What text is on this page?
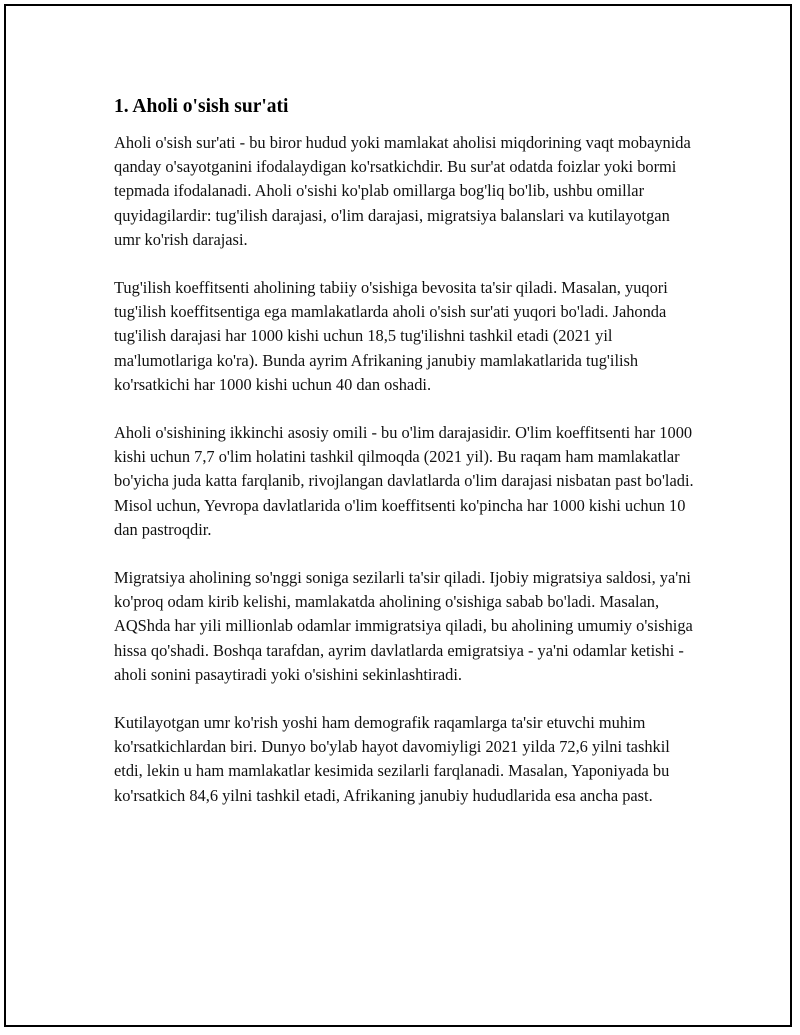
1. Aholi o'sish sur'ati

Aholi o'sish sur'ati - bu biror hudud yoki mamlakat aholisi miqdorining vaqt mobaynida qanday o'sayotganini ifodalaydigan ko'rsatkichdir. Bu sur'at odatda foizlar yoki bormi tepmada ifodalanadi. Aholi o'sishi ko'plab omillarga bog'liq bo'lib, ushbu omillar quyidagilardir: tug'ilish darajasi, o'lim darajasi, migratsiya balanslari va kutilayotgan umr ko'rish darajasi.

Tug'ilish koeffitsenti aholining tabiiy o'sishiga bevosita ta'sir qiladi. Masalan, yuqori tug'ilish koeffitsentiga ega mamlakatlarda aholi o'sish sur'ati yuqori bo'ladi. Jahonda tug'ilish darajasi har 1000 kishi uchun 18,5 tug'ilishni tashkil etadi (2021 yil ma'lumotlariga ko'ra). Bunda ayrim Afrikaning janubiy mamlakatlarida tug'ilish ko'rsatkichi har 1000 kishi uchun 40 dan oshadi.

Aholi o'sishining ikkinchi asosiy omili - bu o'lim darajasidir. O'lim koeffitsenti har 1000 kishi uchun 7,7 o'lim holatini tashkil qilmoqda (2021 yil). Bu raqam ham mamlakatlar bo'yicha juda katta farqlanib, rivojlangan davlatlarda o'lim darajasi nisbatan past bo'ladi. Misol uchun, Yevropa davlatlarida o'lim koeffitsenti ko'pincha har 1000 kishi uchun 10 dan pastroqdir.

Migratsiya aholining so'nggi soniga sezilarli ta'sir qiladi. Ijobiy migratsiya saldosi, ya'ni ko'proq odam kirib kelishi, mamlakatda aholining o'sishiga sabab bo'ladi. Masalan, AQShda har yili millionlab odamlar immigratsiya qiladi, bu aholining umumiy o'sishiga hissa qo'shadi. Boshqa tarafdan, ayrim davlatlarda emigratsiya - ya'ni odamlar ketishi - aholi sonini pasaytiradi yoki o'sishini sekinlashtiradi.

Kutilayotgan umr ko'rish yoshi ham demografik raqamlarga ta'sir etuvchi muhim ko'rsatkichlardan biri. Dunyo bo'ylab hayot davomiyligi 2021 yilda 72,6 yilni tashkil etdi, lekin u ham mamlakatlar kesimida sezilarli farqlanadi. Masalan, Yaponiyada bu ko'rsatkich 84,6 yilni tashkil etadi, Afrikaning janubiy hududlarida esa ancha past.
